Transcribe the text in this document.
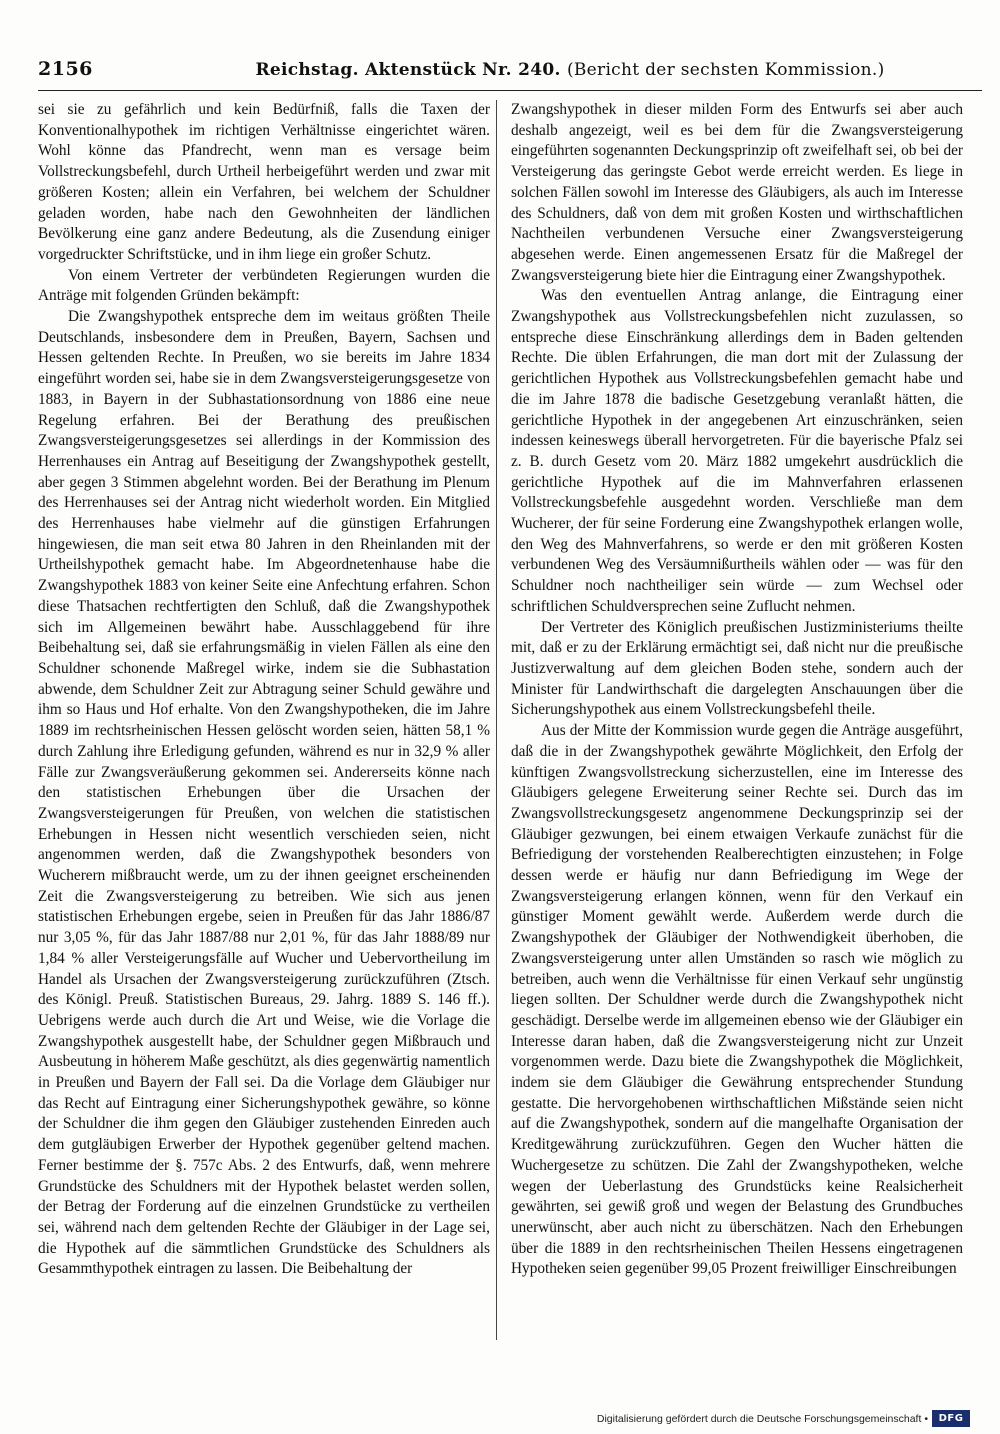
2156	Reichstag. Aktenstück Nr. 240. (Bericht der sechsten Kommission.)

sei sie zu gefährlich und kein Bedürfniß, falls die Taxen der Konventionalhypothek im richtigen Verhältnisse eingerichtet wären. Wohl könne das Pfandrecht, wenn man es versage beim Vollstreckungsbefehl, durch Urtheil herbeigeführt werden und zwar mit größeren Kosten; allein ein Verfahren, bei welchem der Schuldner geladen worden, habe nach den Gewohnheiten der ländlichen Bevölkerung eine ganz andere Bedeutung, als die Zusendung einiger vorgedruckter Schriftstücke, und in ihm liege ein großer Schutz.

Von einem Vertreter der verbündeten Regierungen wurden die Anträge mit folgenden Gründen bekämpft:

Die Zwangshypothek entspreche dem im weitaus größten Theile Deutschlands, insbesondere dem in Preußen, Bayern, Sachsen und Hessen geltenden Rechte. In Preußen, wo sie bereits im Jahre 1834 eingeführt worden sei, habe sie in dem Zwangsversteigerungsgesetze von 1883, in Bayern in der Subhastationsordnung von 1886 eine neue Regelung erfahren. Bei der Berathung des preußischen Zwangsversteigerungsgesetzes sei allerdings in der Kommission des Herrenhauses ein Antrag auf Beseitigung der Zwangshypothek gestellt, aber gegen 3 Stimmen abgelehnt worden. Bei der Berathung im Plenum des Herrenhauses sei der Antrag nicht wiederholt worden. Ein Mitglied des Herrenhauses habe vielmehr auf die günstigen Erfahrungen hingewiesen, die man seit etwa 80 Jahren in den Rheinlanden mit der Urtheilshypothek gemacht habe. Im Abgeordnetenhause habe die Zwangshypothek 1883 von keiner Seite eine Anfechtung erfahren. Schon diese Thatsachen rechtfertigten den Schluß, daß die Zwangshypothek sich im Allgemeinen bewährt habe. Ausschlaggebend für ihre Beibehaltung sei, daß sie erfahrungsmäßig in vielen Fällen als eine den Schuldner schonende Maßregel wirke, indem sie die Subhastation abwende, dem Schuldner Zeit zur Abtragung seiner Schuld gewähre und ihm so Haus und Hof erhalte. Von den Zwangshypotheken, die im Jahre 1889 im rechtsrheinischen Hessen gelöscht worden seien, hätten 58,1 % durch Zahlung ihre Erledigung gefunden, während es nur in 32,9 % aller Fälle zur Zwangsveräußerung gekommen sei. Andererseits könne nach den statistischen Erhebungen über die Ursachen der Zwangsversteigerungen für Preußen, von welchen die statistischen Erhebungen in Hessen nicht wesentlich verschieden seien, nicht angenommen werden, daß die Zwangshypothek besonders von Wucherern mißbraucht werde, um zu der ihnen geeignet erscheinenden Zeit die Zwangsversteigerung zu betreiben. Wie sich aus jenen statistischen Erhebungen ergebe, seien in Preußen für das Jahr 1886/87 nur 3,05 %, für das Jahr 1887/88 nur 2,01 %, für das Jahr 1888/89 nur 1,84 % aller Versteigerungsfälle auf Wucher und Uebervortheilung im Handel als Ursachen der Zwangsversteigerung zurückzuführen (Ztsch. des Königl. Preuß. Statistischen Bureaus, 29. Jahrg. 1889 S. 146 ff.). Uebrigens werde auch durch die Art und Weise, wie die Vorlage die Zwangshypothek ausgestellt habe, der Schuldner gegen Mißbrauch und Ausbeutung in höherem Maße geschützt, als dies gegenwärtig namentlich in Preußen und Bayern der Fall sei. Da die Vorlage dem Gläubiger nur das Recht auf Eintragung einer Sicherungshypothek gewähre, so könne der Schuldner die ihm gegen den Gläubiger zustehenden Einreden auch dem gutgläubigen Erwerber der Hypothek gegenüber geltend machen. Ferner bestimme der §. 757c Abs. 2 des Entwurfs, daß, wenn mehrere Grundstücke des Schuldners mit der Hypothek belastet werden sollen, der Betrag der Forderung auf die einzelnen Grundstücke zu vertheilen sei, während nach dem geltenden Rechte der Gläubiger in der Lage sei, die Hypothek auf die sämmtlichen Grundstücke des Schuldners als Gesammthypothek eintragen zu lassen. Die Beibehaltung der

Zwangshypothek in dieser milden Form des Entwurfs sei aber auch deshalb angezeigt, weil es bei dem für die Zwangsversteigerung eingeführten sogenannten Deckungsprinzip oft zweifelhaft sei, ob bei der Versteigerung das geringste Gebot werde erreicht werden. Es liege in solchen Fällen sowohl im Interesse des Gläubigers, als auch im Interesse des Schuldners, daß von dem mit großen Kosten und wirthschaftlichen Nachtheilen verbundenen Versuche einer Zwangsversteigerung abgesehen werde. Einen angemessenen Ersatz für die Maßregel der Zwangsversteigerung biete hier die Eintragung einer Zwangshypothek.

Was den eventuellen Antrag anlange, die Eintragung einer Zwangshypothek aus Vollstreckungsbefehlen nicht zuzulassen, so entspreche diese Einschränkung allerdings dem in Baden geltenden Rechte. Die üblen Erfahrungen, die man dort mit der Zulassung der gerichtlichen Hypothek aus Vollstreckungsbefehlen gemacht habe und die im Jahre 1878 die badische Gesetzgebung veranlaßt hätten, die gerichtliche Hypothek in der angegebenen Art einzuschränken, seien indessen keineswegs überall hervorgetreten. Für die bayerische Pfalz sei z. B. durch Gesetz vom 20. März 1882 umgekehrt ausdrücklich die gerichtliche Hypothek auf die im Mahnverfahren erlassenen Vollstreckungsbefehle ausgedehnt worden. Verschließe man dem Wucherer, der für seine Forderung eine Zwangshypothek erlangen wolle, den Weg des Mahnverfahrens, so werde er den mit größeren Kosten verbundenen Weg des Versäumnißurtheils wählen oder — was für den Schuldner noch nachtheiliger sein würde — zum Wechsel oder schriftlichen Schuldversprechen seine Zuflucht nehmen.

Der Vertreter des Königlich preußischen Justizministeriums theilte mit, daß er zu der Erklärung ermächtigt sei, daß nicht nur die preußische Justizverwaltung auf dem gleichen Boden stehe, sondern auch der Minister für Landwirthschaft die dargelegten Anschauungen über die Sicherungshypothek aus einem Vollstreckungsbefehl theile.

Aus der Mitte der Kommission wurde gegen die Anträge ausgeführt, daß die in der Zwangshypothek gewährte Möglichkeit, den Erfolg der künftigen Zwangsvollstreckung sicherzustellen, eine im Interesse des Gläubigers gelegene Erweiterung seiner Rechte sei. Durch das im Zwangsvollstreckungsgesetz angenommene Deckungsprinzip sei der Gläubiger gezwungen, bei einem etwaigen Verkaufe zunächst für die Befriedigung der vorstehenden Realberechtigten einzustehen; in Folge dessen werde er häufig nur dann Befriedigung im Wege der Zwangsversteigerung erlangen können, wenn für den Verkauf ein günstiger Moment gewählt werde. Außerdem werde durch die Zwangshypothek der Gläubiger der Nothwendigkeit überhoben, die Zwangsversteigerung unter allen Umständen so rasch wie möglich zu betreiben, auch wenn die Verhältnisse für einen Verkauf sehr ungünstig liegen sollten. Der Schuldner werde durch die Zwangshypothek nicht geschädigt. Derselbe werde im allgemeinen ebenso wie der Gläubiger ein Interesse daran haben, daß die Zwangsversteigerung nicht zur Unzeit vorgenommen werde. Dazu biete die Zwangshypothek die Möglichkeit, indem sie dem Gläubiger die Gewährung entsprechender Stundung gestatte. Die hervorgehobenen wirthschaftlichen Mißstände seien nicht auf die Zwangshypothek, sondern auf die mangelhafte Organisation der Kreditgewährung zurückzuführen. Gegen den Wucher hätten die Wuchergesetze zu schützen. Die Zahl der Zwangshypotheken, welche wegen der Ueberlastung des Grundstücks keine Realsicherheit gewährten, sei gewiß groß und wegen der Belastung des Grundbuches unerwünscht, aber auch nicht zu überschätzen. Nach den Erhebungen über die 1889 in den rechtsrheinischen Theilen Hessens eingetragenen Hypotheken seien gegenüber 99,05 Prozent freiwilliger Einschreibungen

Digitalisierung gefördert durch die Deutsche Forschungsgemeinschaft •	DFG
